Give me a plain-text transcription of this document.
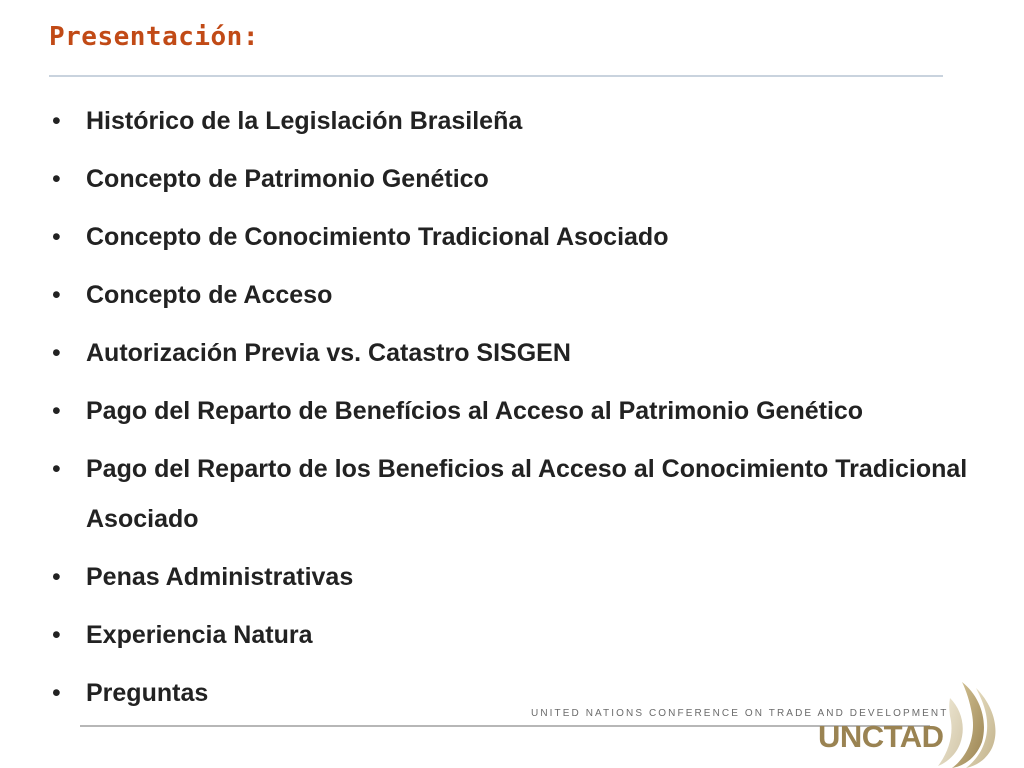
Presentación:
• Histórico de la Legislación Brasileña
• Concepto de Patrimonio Genético
• Concepto de Conocimiento Tradicional Asociado
• Concepto de Acceso
• Autorización Previa vs. Catastro SISGEN
• Pago del Reparto de Benefícios al Acceso al Patrimonio Genético
• Pago del Reparto de los Beneficios al Acceso al Conocimiento Tradicional Asociado
• Penas Administrativas
• Experiencia Natura
• Preguntas
UNITED NATIONS CONFERENCE ON TRADE AND DEVELOPMENT
UNCTAD
